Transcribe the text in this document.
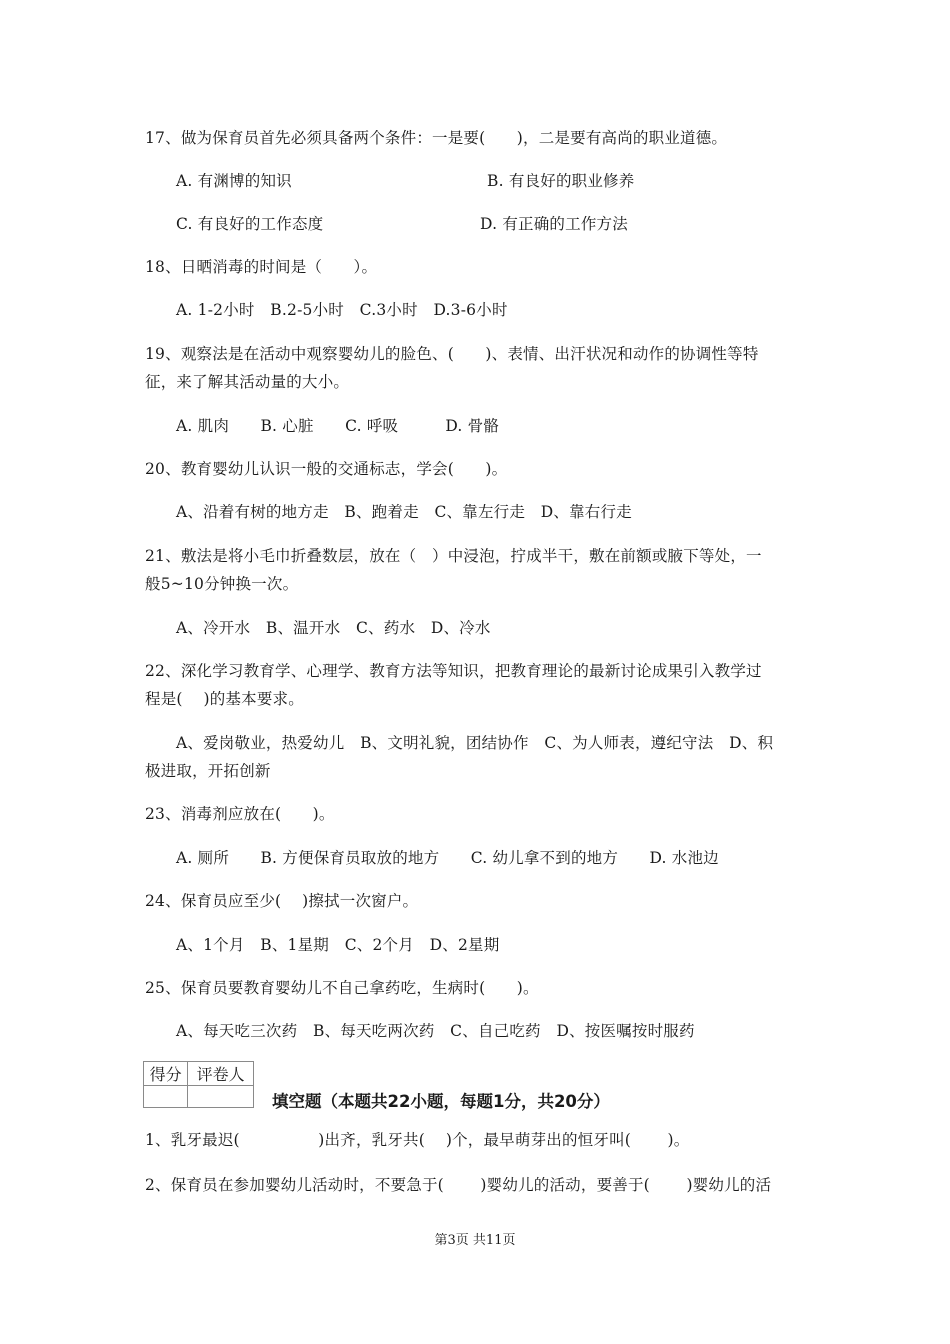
17、做为保育员首先必须具备两个条件：一是要(　　)，二是要有高尚的职业道德。
A. 有渊博的知识	B. 有良好的职业修养
C. 有良好的工作态度	D. 有正确的工作方法
18、日晒消毒的时间是（　　）。
A. 1-2小时　B.2-5小时　C.3小时　D.3-6小时
19、观察法是在活动中观察婴幼儿的脸色、(　　)、表情、出汗状况和动作的协调性等特
征，来了解其活动量的大小。
A. 肌肉　　B. 心脏　　C. 呼吸　　　D. 骨骼
20、教育婴幼儿认识一般的交通标志，学会(　　)。
A、沿着有树的地方走　B、跑着走　C、靠左行走　D、靠右行走
21、敷法是将小毛巾折叠数层，放在（　）中浸泡，拧成半干，敷在前额或腋下等处，一
般5~10分钟换一次。
A、冷开水　B、温开水　C、药水　D、冷水
22、深化学习教育学、心理学、教育方法等知识，把教育理论的最新讨论成果引入教学过
程是(　 )的基本要求。
A、爱岗敬业，热爱幼儿　B、文明礼貌，团结协作　C、为人师表，遵纪守法　D、积
极进取，开拓创新
23、消毒剂应放在(　　)。
A. 厕所　　B. 方便保育员取放的地方　　C. 幼儿拿不到的地方　　D. 水池边
24、保育员应至少(　 )擦拭一次窗户。
A、1个月　B、1星期　C、2个月　D、2星期
25、保育员要教育婴幼儿不自己拿药吃，生病时(　　)。
A、每天吃三次药　B、每天吃两次药　C、自己吃药　D、按医嘱按时服药
得分	评卷人

填空题（本题共22小题，每题1分，共20分）
1、乳牙最迟(　　　　　)出齐，乳牙共(　 )个，最早萌芽出的恒牙叫(　　 )。
2、保育员在参加婴幼儿活动时，不要急于(　　 )婴幼儿的活动，要善于(　　 )婴幼儿的活
第3页 共11页
